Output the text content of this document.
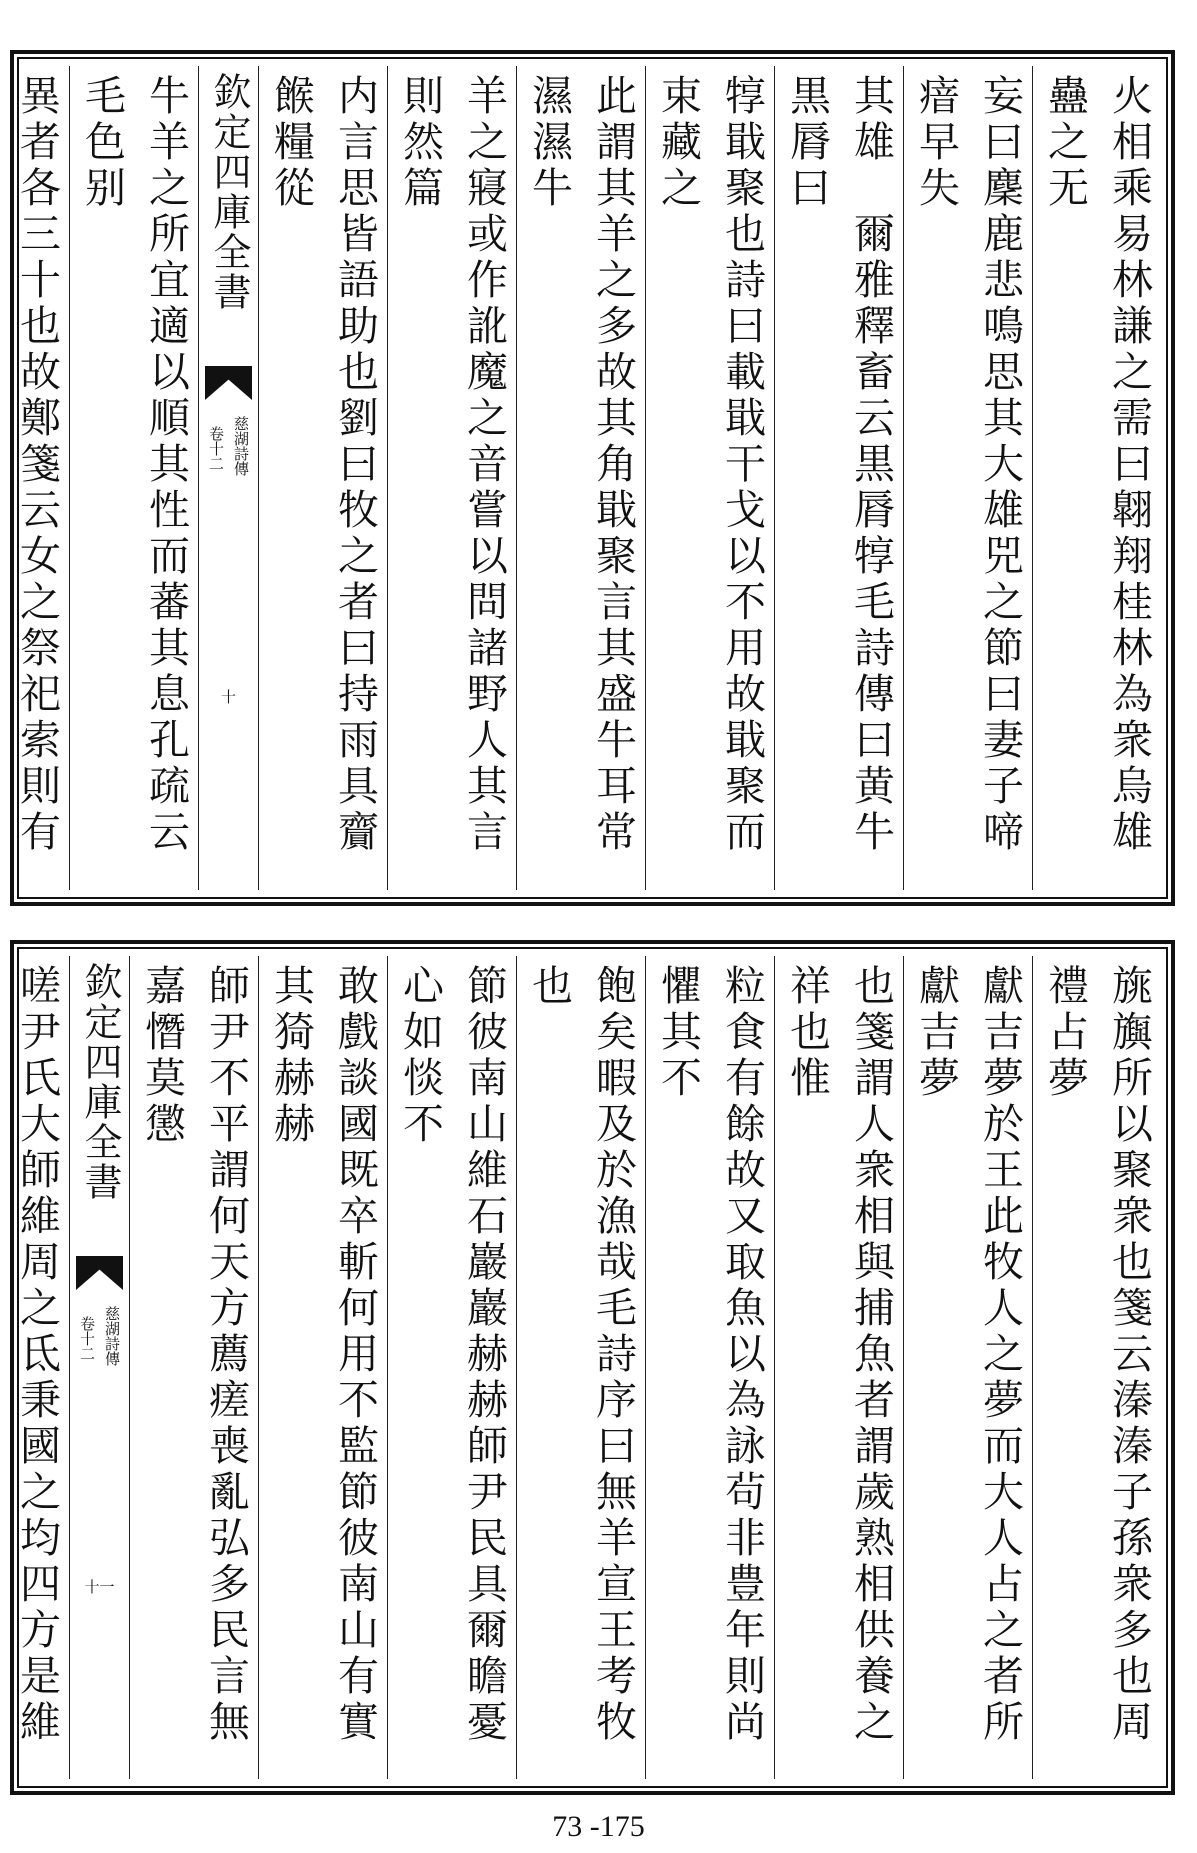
火相乘易林謙之需曰翺翔桂林為衆烏雄蠱之无
妄曰麇鹿悲鳴思其大雄兕之節曰妻子啼瘖早失
其雄　爾雅釋畜云黒脣犉毛詩傳曰黄牛黒脣曰
犉戢聚也詩曰載戢干戈以不用故戢聚而束藏之
此謂其羊之多故其角戢聚言其盛牛耳常濕濕牛
羊之寢或作訛魔之音嘗以問諸野人其言則然篇
内言思皆語助也劉曰牧之者曰持雨具齎餱糧從
欽定四庫全書
慈湖詩傳
卷十二
十
牛羊之所宜適以順其性而蕃其息孔疏云毛色别
異者各三十也故鄭箋云女之祭祀索則有
旐旟所以聚衆也箋云溱溱子孫衆多也周禮占夢
獻吉夢於王此牧人之夢而大人占之者所獻吉夢
也箋謂人衆相與捕魚者謂歲熟相供養之祥也惟
粒食有餘故又取魚以為詠茍非豊年則尚懼其不
飽矣暇及於漁哉毛詩序曰無羊宣王考牧也
節彼南山維石巖巖赫赫師尹民具爾瞻憂心如惔不
敢戲談國既卒斬何用不監節彼南山有實其猗赫赫
師尹不平謂何天方薦瘥喪亂弘多民言無嘉憯莫懲
欽定四庫全書
慈湖詩傳
卷十二
十一
嗟尹氏大師維周之氐秉國之均四方是維
73 -175
